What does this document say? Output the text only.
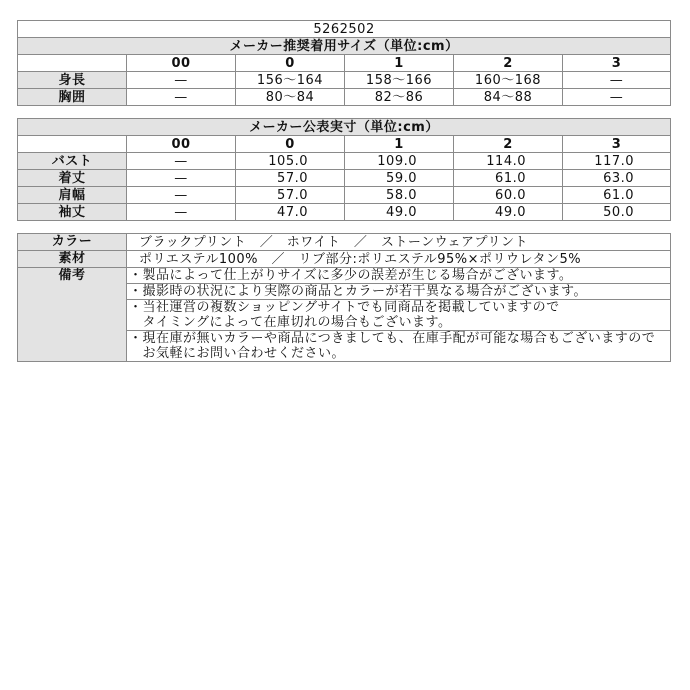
5262502					
メーカー推奨着用サイズ（単位:cm）					
	00	0	1	2	3
身長	—	156～164	158～166	160～168	—
胸囲	—	80～84	82～86	84～88	—
メーカー公表実寸（単位:cm）					
	00	0	1	2	3
バスト	—	105.0	109.0	114.0	117.0
着丈	—	57.0	59.0	61.0	63.0
肩幅	—	57.0	58.0	60.0	61.0
袖丈	—	47.0	49.0	49.0	50.0
カラー	ブラックプリント　／　ホワイト　／　ストーンウェアプリント
素材	ポリエステル100%　／　リブ部分:ポリエステル95%×ポリウレタン5%
備考	・製品によって仕上がりサイズに多少の誤差が生じる場合がございます。

	・撮影時の状況により実際の商品とカラーが若干異なる場合がございます。

	・当社運営の複数ショッピングサイトでも同商品を掲載していますので
　タイミングによって在庫切れの場合もございます。

	・現在庫が無いカラーや商品につきましても、在庫手配が可能な場合もございますので
　お気軽にお問い合わせください。
